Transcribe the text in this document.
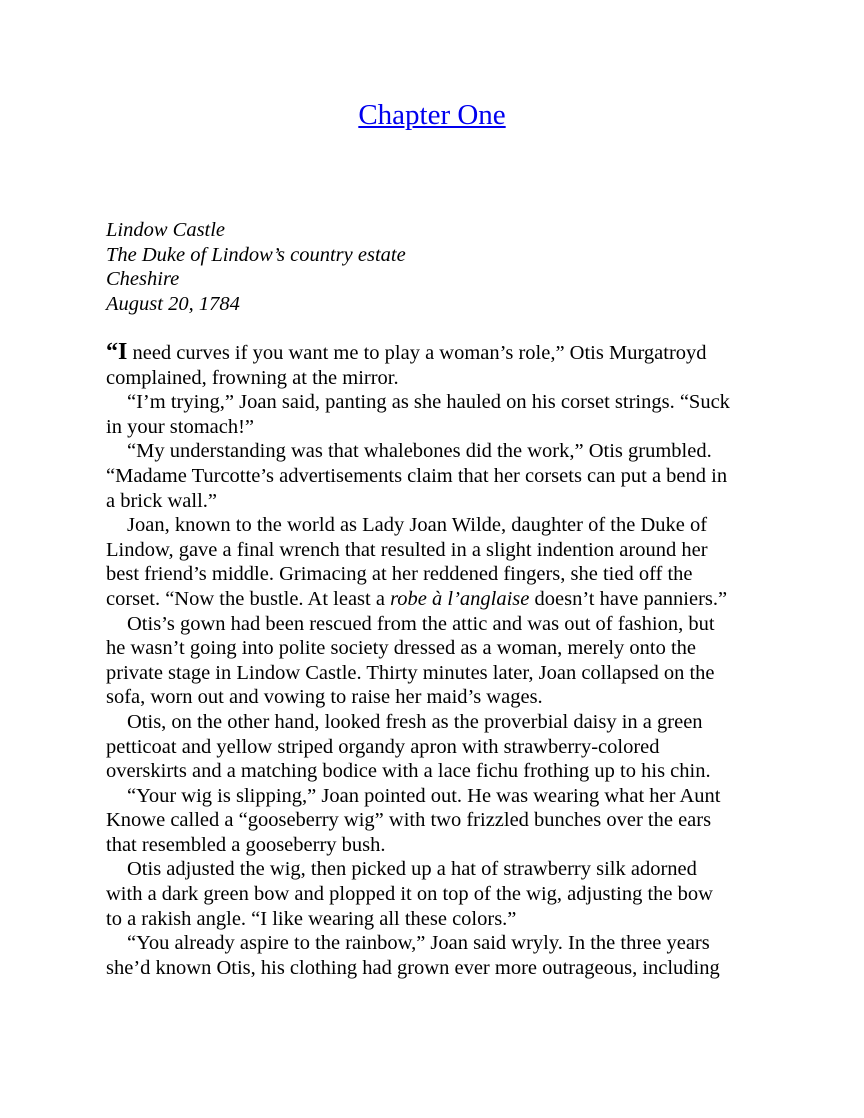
Chapter One
Lindow Castle
The Duke of Lindow’s country estate
Cheshire
August 20, 1784

“I need curves if you want me to play a woman’s role,” Otis Murgatroyd
complained, frowning at the mirror.

“I’m trying,” Joan said, panting as she hauled on his corset strings. “Suck
in your stomach!”

“My understanding was that whalebones did the work,” Otis grumbled.
“Madame Turcotte’s advertisements claim that her corsets can put a bend in
a brick wall.”

Joan, known to the world as Lady Joan Wilde, daughter of the Duke of
Lindow, gave a final wrench that resulted in a slight indention around her
best friend’s middle. Grimacing at her reddened fingers, she tied off the
corset. “Now the bustle. At least a robe à l’anglaise doesn’t have panniers.”

Otis’s gown had been rescued from the attic and was out of fashion, but
he wasn’t going into polite society dressed as a woman, merely onto the
private stage in Lindow Castle. Thirty minutes later, Joan collapsed on the
sofa, worn out and vowing to raise her maid’s wages.

Otis, on the other hand, looked fresh as the proverbial daisy in a green
petticoat and yellow striped organdy apron with strawberry-colored
overskirts and a matching bodice with a lace fichu frothing up to his chin.

“Your wig is slipping,” Joan pointed out. He was wearing what her Aunt
Knowe called a “gooseberry wig” with two frizzled bunches over the ears
that resembled a gooseberry bush.

Otis adjusted the wig, then picked up a hat of strawberry silk adorned
with a dark green bow and plopped it on top of the wig, adjusting the bow
to a rakish angle. “I like wearing all these colors.”

“You already aspire to the rainbow,” Joan said wryly. In the three years
she’d known Otis, his clothing had grown ever more outrageous, including
